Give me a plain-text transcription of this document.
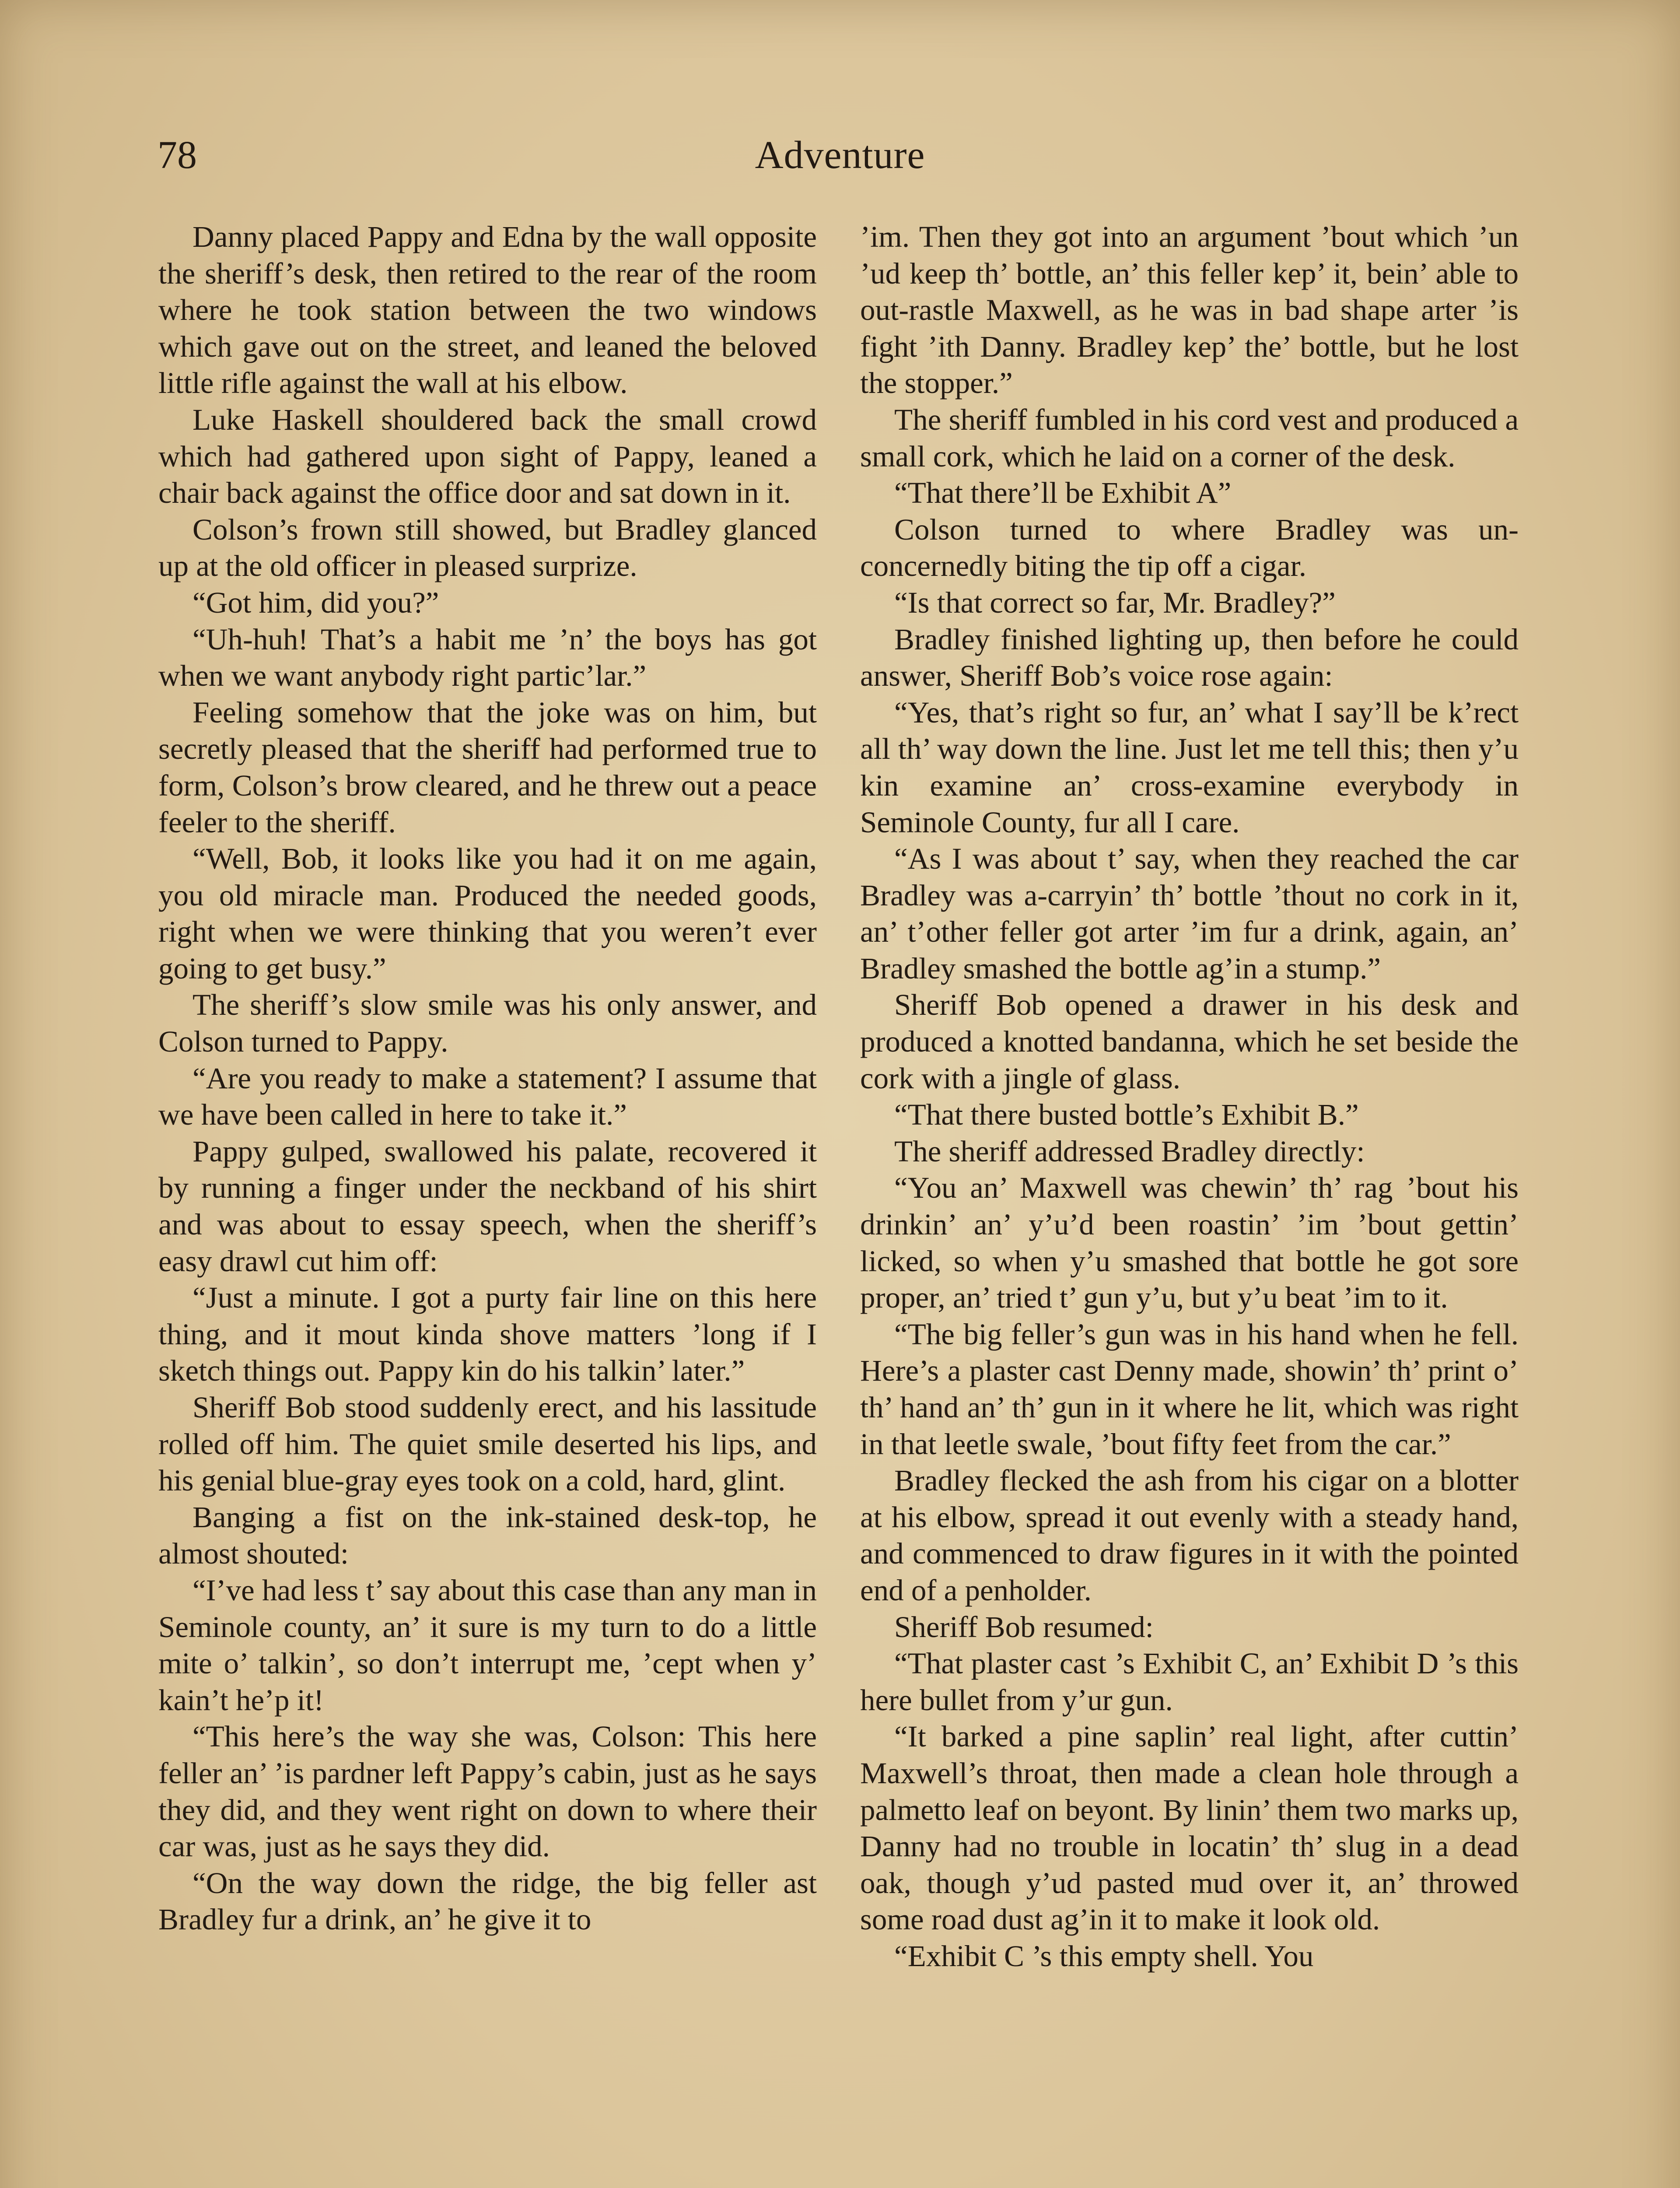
78	Adventure

Danny placed Pappy and Edna by the wall opposite the sheriff’s desk, then retired to the rear of the room where he took station between the two windows which gave out on the street, and leaned the beloved little rifle against the wall at his elbow.

Luke Haskell shouldered back the small crowd which had gathered upon sight of Pappy, leaned a chair back against the office door and sat down in it.

Colson’s frown still showed, but Bradley glanced up at the old officer in pleased surprize.

“Got him, did you?”

“Uh-huh! That’s a habit me ’n’ the boys has got when we want anybody right partic’lar.”

Feeling somehow that the joke was on him, but secretly pleased that the sheriff had performed true to form, Colson’s brow cleared, and he threw out a peace feeler to the sheriff.

“Well, Bob, it looks like you had it on me again, you old miracle man. Produced the needed goods, right when we were thinking that you weren’t ever going to get busy.”

The sheriff’s slow smile was his only answer, and Colson turned to Pappy.

“Are you ready to make a statement? I assume that we have been called in here to take it.”

Pappy gulped, swallowed his palate, recovered it by running a finger under the neckband of his shirt and was about to essay speech, when the sheriff’s easy drawl cut him off:

“Just a minute. I got a purty fair line on this here thing, and it mout kinda shove matters ’long if I sketch things out. Pappy kin do his talkin’ later.”

Sheriff Bob stood suddenly erect, and his lassitude rolled off him. The quiet smile deserted his lips, and his genial blue-gray eyes took on a cold, hard, glint.

Banging a fist on the ink-stained desk-top, he almost shouted:

“I’ve had less t’ say about this case than any man in Seminole county, an’ it sure is my turn to do a little mite o’ talkin’, so don’t interrupt me, ’cept when y’ kain’t he’p it!

“This here’s the way she was, Colson: This here feller an’ ’is pardner left Pappy’s cabin, just as he says they did, and they went right on down to where their car was, just as he says they did.

“On the way down the ridge, the big feller ast Bradley fur a drink, an’ he give it to

’im. Then they got into an argument ’bout which ’un ’ud keep th’ bottle, an’ this feller kep’ it, bein’ able to out-rastle Maxwell, as he was in bad shape arter ’is fight ’ith Danny. Bradley kep’ the’ bottle, but he lost the stopper.”

The sheriff fumbled in his cord vest and produced a small cork, which he laid on a corner of the desk.

“That there’ll be Exhibit A”

Colson turned to where Bradley was unconcernedly biting the tip off a cigar.

“Is that correct so far, Mr. Bradley?”

Bradley finished lighting up, then before he could answer, Sheriff Bob’s voice rose again:

“Yes, that’s right so fur, an’ what I say’ll be k’rect all th’ way down the line. Just let me tell this; then y’u kin examine an’ cross-examine everybody in Seminole County, fur all I care.

“As I was about t’ say, when they reached the car Bradley was a-carryin’ th’ bottle ’thout no cork in it, an’ t’other feller got arter ’im fur a drink, again, an’ Bradley smashed the bottle ag’in a stump.”

Sheriff Bob opened a drawer in his desk and produced a knotted bandanna, which he set beside the cork with a jingle of glass.

“That there busted bottle’s Exhibit B.”

The sheriff addressed Bradley directly:

“You an’ Maxwell was chewin’ th’ rag ’bout his drinkin’ an’ y’u’d been roastin’ ’im ’bout gettin’ licked, so when y’u smashed that bottle he got sore proper, an’ tried t’ gun y’u, but y’u beat ’im to it.

“The big feller’s gun was in his hand when he fell. Here’s a plaster cast Denny made, showin’ th’ print o’ th’ hand an’ th’ gun in it where he lit, which was right in that leetle swale, ’bout fifty feet from the car.”

Bradley flecked the ash from his cigar on a blotter at his elbow, spread it out evenly with a steady hand, and commenced to draw figures in it with the pointed end of a penholder.

Sheriff Bob resumed:

“That plaster cast ’s Exhibit C, an’ Exhibit D ’s this here bullet from y’ur gun.

“It barked a pine saplin’ real light, after cuttin’ Maxwell’s throat, then made a clean hole through a palmetto leaf on beyont. By linin’ them two marks up, Danny had no trouble in locatin’ th’ slug in a dead oak, though y’ud pasted mud over it, an’ throwed some road dust ag’in it to make it look old.

“Exhibit C ’s this empty shell. You
